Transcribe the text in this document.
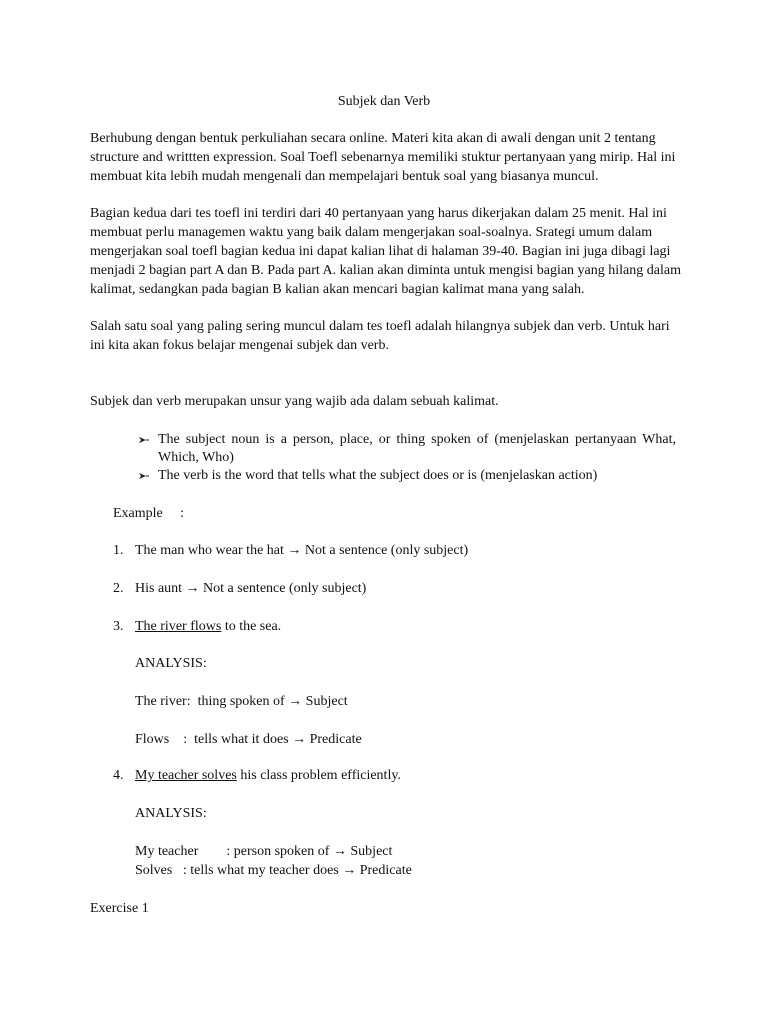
Subjek dan Verb
Berhubung dengan bentuk perkuliahan secara online. Materi kita akan di awali dengan unit 2 tentang
structure and writtten expression. Soal Toefl sebenarnya memiliki stuktur pertanyaan yang mirip. Hal ini
membuat kita lebih mudah mengenali dan mempelajari bentuk soal yang biasanya muncul.
Bagian kedua dari tes toefl ini terdiri dari 40 pertanyaan yang harus dikerjakan dalam 25 menit. Hal ini
membuat perlu managemen waktu yang baik dalam mengerjakan soal-soalnya. Srategi umum dalam
mengerjakan soal toefl bagian kedua ini dapat kalian lihat di halaman 39-40. Bagian ini juga dibagi lagi
menjadi 2 bagian part A dan B. Pada part A. kalian akan diminta untuk mengisi bagian yang hilang dalam
kalimat, sedangkan pada bagian B kalian akan mencari bagian kalimat mana yang salah.
Salah satu soal yang paling sering muncul dalam tes toefl adalah hilangnya subjek dan verb. Untuk hari
ini kita akan fokus belajar mengenai subjek dan verb.
Subjek dan verb merupakan unsur yang wajib ada dalam sebuah kalimat.
The subject noun is a person, place, or thing spoken of (menjelaskan pertanyaan What,
Which, Who)
The verb is the word that tells what the subject does or is (menjelaskan action)
Example :
1. The man who wear the hat → Not a sentence (only subject)
2. His aunt → Not a sentence (only subject)
3. The river flows to the sea.
ANALYSIS:
The river:  thing spoken of → Subject
Flows    :  tells what it does → Predicate
4. My teacher solves his class problem efficiently.
ANALYSIS:
My teacher        : person spoken of → Subject
Solves   : tells what my teacher does → Predicate
Exercise 1
